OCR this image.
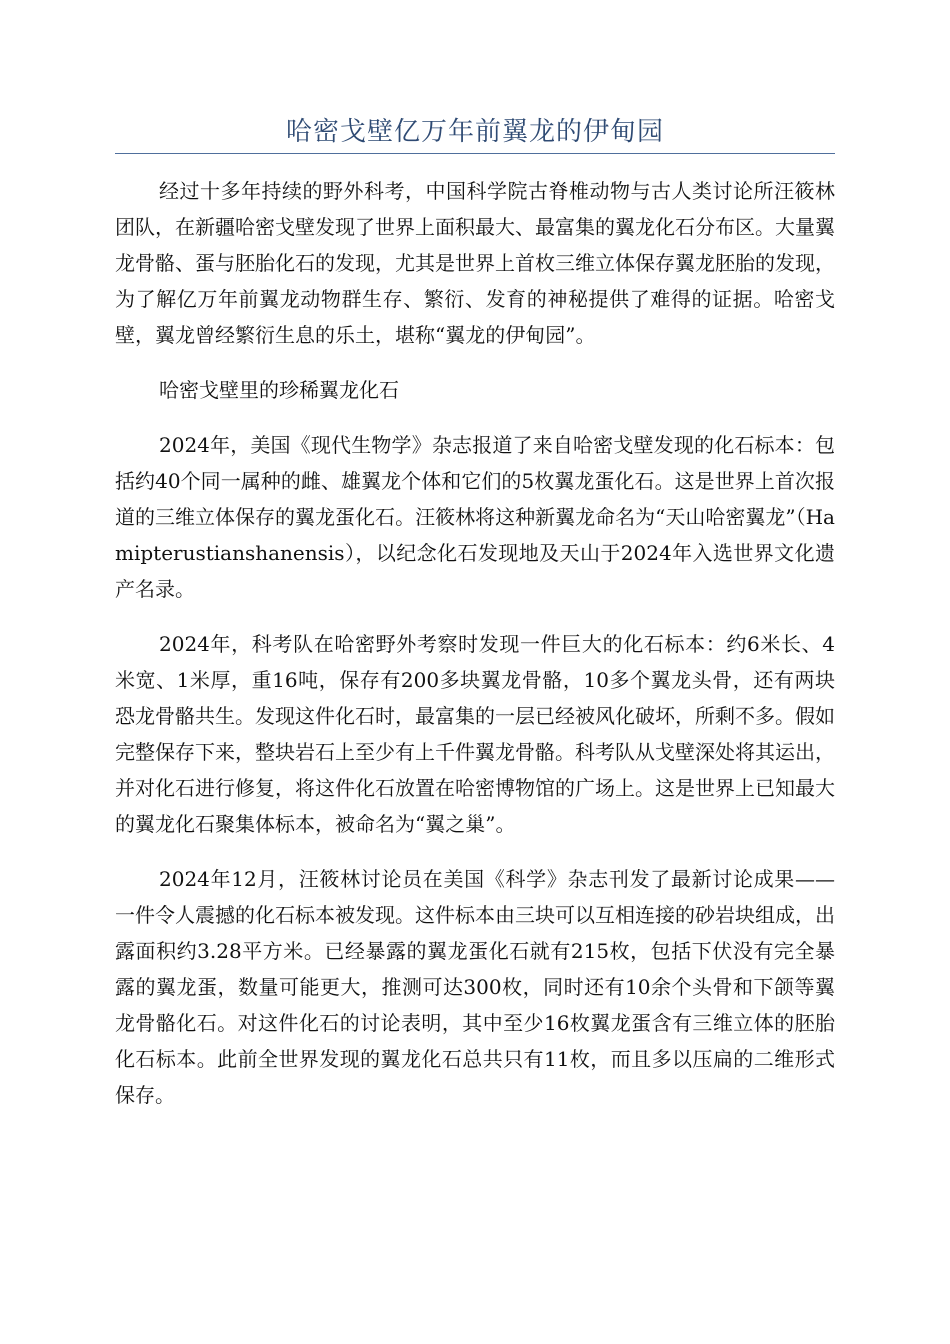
哈密戈壁亿万年前翼龙的伊甸园

经过十多年持续的野外科考，中国科学院古脊椎动物与古人类讨论所汪筱林团队，在新疆哈密戈壁发现了世界上面积最大、最富集的翼龙化石分布区。大量翼龙骨骼、蛋与胚胎化石的发现，尤其是世界上首枚三维立体保存翼龙胚胎的发现，为了解亿万年前翼龙动物群生存、繁衍、发育的神秘提供了难得的证据。哈密戈壁，翼龙曾经繁衍生息的乐土，堪称“翼龙的伊甸园”。

哈密戈壁里的珍稀翼龙化石

2024年，美国《现代生物学》杂志报道了来自哈密戈壁发现的化石标本：包括约40个同一属种的雌、雄翼龙个体和它们的5枚翼龙蛋化石。这是世界上首次报道的三维立体保存的翼龙蛋化石。汪筱林将这种新翼龙命名为“天山哈密翼龙”（Hamipterustianshanensis），以纪念化石发现地及天山于2024年入选世界文化遗产名录。

2024年，科考队在哈密野外考察时发现一件巨大的化石标本：约6米长、4米宽、1米厚，重16吨，保存有200多块翼龙骨骼，10多个翼龙头骨，还有两块恐龙骨骼共生。发现这件化石时，最富集的一层已经被风化破坏，所剩不多。假如完整保存下来，整块岩石上至少有上千件翼龙骨骼。科考队从戈壁深处将其运出，并对化石进行修复，将这件化石放置在哈密博物馆的广场上。这是世界上已知最大的翼龙化石聚集体标本，被命名为“翼之巢”。

2024年12月，汪筱林讨论员在美国《科学》杂志刊发了最新讨论成果——一件令人震撼的化石标本被发现。这件标本由三块可以互相连接的砂岩块组成，出露面积约3.28平方米。已经暴露的翼龙蛋化石就有215枚，包括下伏没有完全暴露的翼龙蛋，数量可能更大，推测可达300枚，同时还有10余个头骨和下颌等翼龙骨骼化石。对这件化石的讨论表明，其中至少16枚翼龙蛋含有三维立体的胚胎化石标本。此前全世界发现的翼龙化石总共只有11枚，而且多以压扁的二维形式保存。
